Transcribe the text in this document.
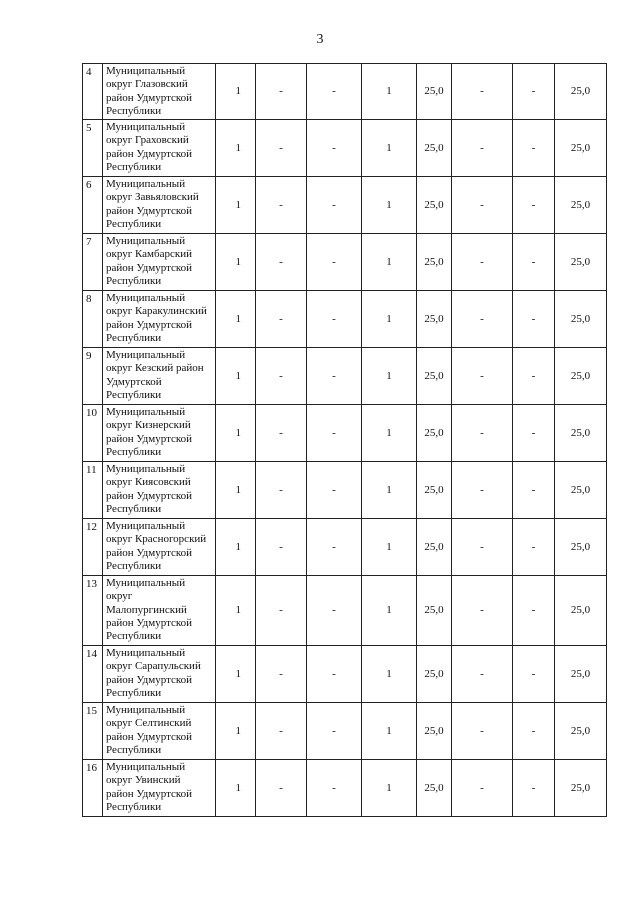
3
4	Муниципальный
округ Глазовский
район Удмуртской
Республики	1	-	-	1	25,0	-	-	25,0
5	Муниципальный
округ Граховский
район Удмуртской
Республики	1	-	-	1	25,0	-	-	25,0
6	Муниципальный
округ Завьяловский
район Удмуртской
Республики	1	-	-	1	25,0	-	-	25,0
7	Муниципальный
округ Камбарский
район Удмуртской
Республики	1	-	-	1	25,0	-	-	25,0
8	Муниципальный
округ Каракулинский
район Удмуртской
Республики	1	-	-	1	25,0	-	-	25,0
9	Муниципальный
округ Кезский район
Удмуртской
Республики	1	-	-	1	25,0	-	-	25,0
10	Муниципальный
округ Кизнерский
район Удмуртской
Республики	1	-	-	1	25,0	-	-	25,0
11	Муниципальный
округ Киясовский
район Удмуртской
Республики	1	-	-	1	25,0	-	-	25,0
12	Муниципальный
округ Красногорский
район Удмуртской
Республики	1	-	-	1	25,0	-	-	25,0
13	Муниципальный
округ
Малопургинский
район Удмуртской
Республики	1	-	-	1	25,0	-	-	25,0
14	Муниципальный
округ Сарапульский
район Удмуртской
Республики	1	-	-	1	25,0	-	-	25,0
15	Муниципальный
округ Селтинский
район Удмуртской
Республики	1	-	-	1	25,0	-	-	25,0
16	Муниципальный
округ Увинский
район Удмуртской
Республики	1	-	-	1	25,0	-	-	25,0
